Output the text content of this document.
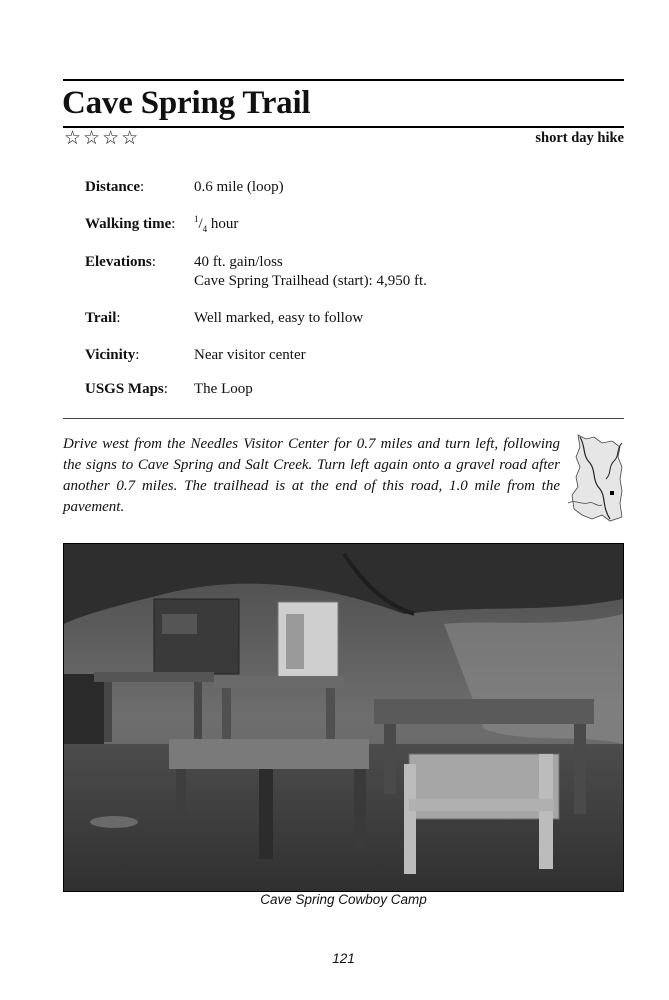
Cave Spring Trail
☆☆☆☆	short day hike
Distance:	0.6 mile (loop)
Walking time: $^1/_4$ hour
Elevations:	40 ft. gain/loss
Cave Spring Trailhead (start): 4,950 ft.
Trail:	Well marked, easy to follow
Vicinity:	Near visitor center
USGS Maps: The Loop
Drive west from the Needles Visitor Center for 0.7 miles and turn left, following the signs to Cave Spring and Salt Creek. Turn left again onto a gravel road after another 0.7 miles. The trailhead is at the end of this road, 1.0 mile from the pavement.
Cave Spring Cowboy Camp
121
